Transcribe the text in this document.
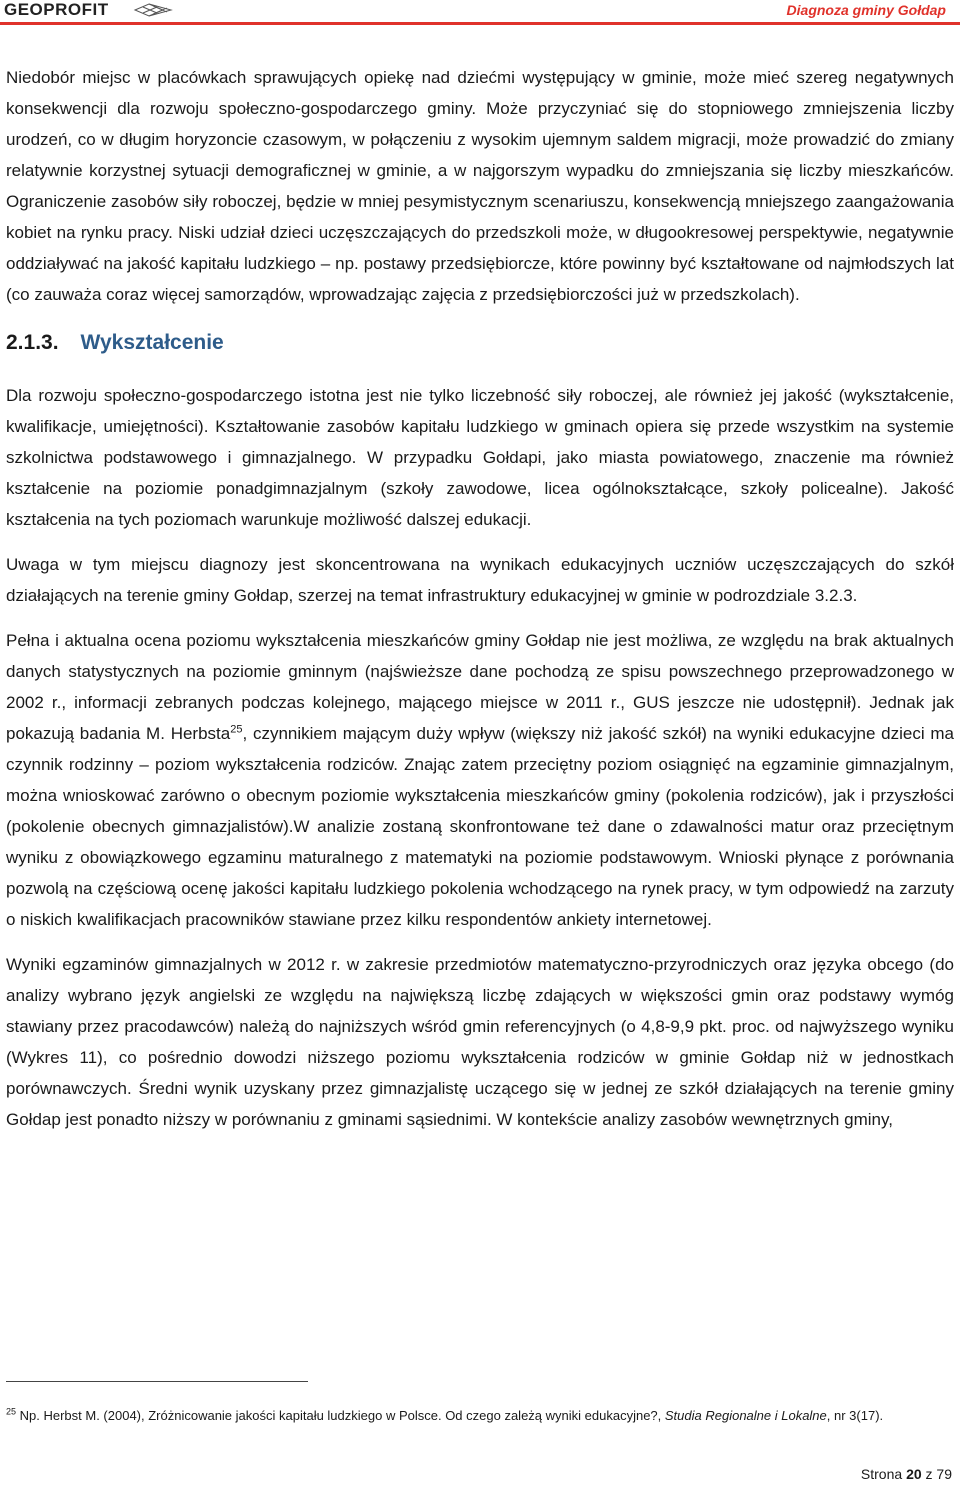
GEOPROFIT	Diagnoza gminy Gołdap

Niedobór miejsc w placówkach sprawujących opiekę nad dziećmi występujący w gminie, może mieć szereg negatywnych konsekwencji dla rozwoju społeczno-gospodarczego gminy. Może przyczyniać się do stopniowego zmniejszenia liczby urodzeń, co w długim horyzoncie czasowym, w połączeniu z wysokim ujemnym saldem migracji, może prowadzić do zmiany relatywnie korzystnej sytuacji demograficznej w gminie, a w najgorszym wypadku do zmniejszania się liczby mieszkańców. Ograniczenie zasobów siły roboczej, będzie w mniej pesymistycznym scenariuszu, konsekwencją mniejszego zaangażowania kobiet na rynku pracy. Niski udział dzieci uczęszczających do przedszkoli może, w długookresowej perspektywie, negatywnie oddziaływać na jakość kapitału ludzkiego – np. postawy przedsiębiorcze, które powinny być kształtowane od najmłodszych lat (co zauważa coraz więcej samorządów, wprowadzając zajęcia z przedsiębiorczości już w przedszkolach).

2.1.3. Wykształcenie

Dla rozwoju społeczno-gospodarczego istotna jest nie tylko liczebność siły roboczej, ale również jej jakość (wykształcenie, kwalifikacje, umiejętności). Kształtowanie zasobów kapitału ludzkiego w gminach opiera się przede wszystkim na systemie szkolnictwa podstawowego i gimnazjalnego. W przypadku Gołdapi, jako miasta powiatowego, znaczenie ma również kształcenie na poziomie ponadgimnazjalnym (szkoły zawodowe, licea ogólnokształcące, szkoły policealne). Jakość kształcenia na tych poziomach warunkuje możliwość dalszej edukacji.

Uwaga w tym miejscu diagnozy jest skoncentrowana na wynikach edukacyjnych uczniów uczęszczających do szkół działających na terenie gminy Gołdap, szerzej na temat infrastruktury edukacyjnej w gminie w podrozdziale 3.2.3.

Pełna i aktualna ocena poziomu wykształcenia mieszkańców gminy Gołdap nie jest możliwa, ze względu na brak aktualnych danych statystycznych na poziomie gminnym (najświeższe dane pochodzą ze spisu powszechnego przeprowadzonego w 2002 r., informacji zebranych podczas kolejnego, mającego miejsce w 2011 r., GUS jeszcze nie udostępnił). Jednak jak pokazują badania M. Herbsta$^{25}$, czynnikiem mającym duży wpływ (większy niż jakość szkół) na wyniki edukacyjne dzieci ma czynnik rodzinny – poziom wykształcenia rodziców. Znając zatem przeciętny poziom osiągnięć na egzaminie gimnazjalnym, można wnioskować zarówno o obecnym poziomie wykształcenia mieszkańców gminy (pokolenia rodziców), jak i przyszłości (pokolenie obecnych gimnazjalistów).W analizie zostaną skonfrontowane też dane o zdawalności matur oraz przeciętnym wyniku z obowiązkowego egzaminu maturalnego z matematyki na poziomie podstawowym. Wnioski płynące z porównania pozwolą na częściową ocenę jakości kapitału ludzkiego pokolenia wchodzącego na rynek pracy, w tym odpowiedź na zarzuty o niskich kwalifikacjach pracowników stawiane przez kilku respondentów ankiety internetowej.

Wyniki egzaminów gimnazjalnych w 2012 r. w zakresie przedmiotów matematyczno-przyrodniczych oraz języka obcego (do analizy wybrano język angielski ze względu na największą liczbę zdających w większości gmin oraz podstawy wymóg stawiany przez pracodawców) należą do najniższych wśród gmin referencyjnych (o 4,8-9,9 pkt. proc. od najwyższego wyniku (Wykres 11), co pośrednio dowodzi niższego poziomu wykształcenia rodziców w gminie Gołdap niż w jednostkach porównawczych. Średni wynik uzyskany przez gimnazjalistę uczącego się w jednej ze szkół działających na terenie gminy Gołdap jest ponadto niższy w porównaniu z gminami sąsiednimi. W kontekście analizy zasobów wewnętrznych gminy,

$^{25}$ Np. Herbst M. (2004), Zróżnicowanie jakości kapitału ludzkiego w Polsce. Od czego zależą wyniki edukacyjne?, Studia Regionalne i Lokalne, nr 3(17).
Strona 20 z 79
